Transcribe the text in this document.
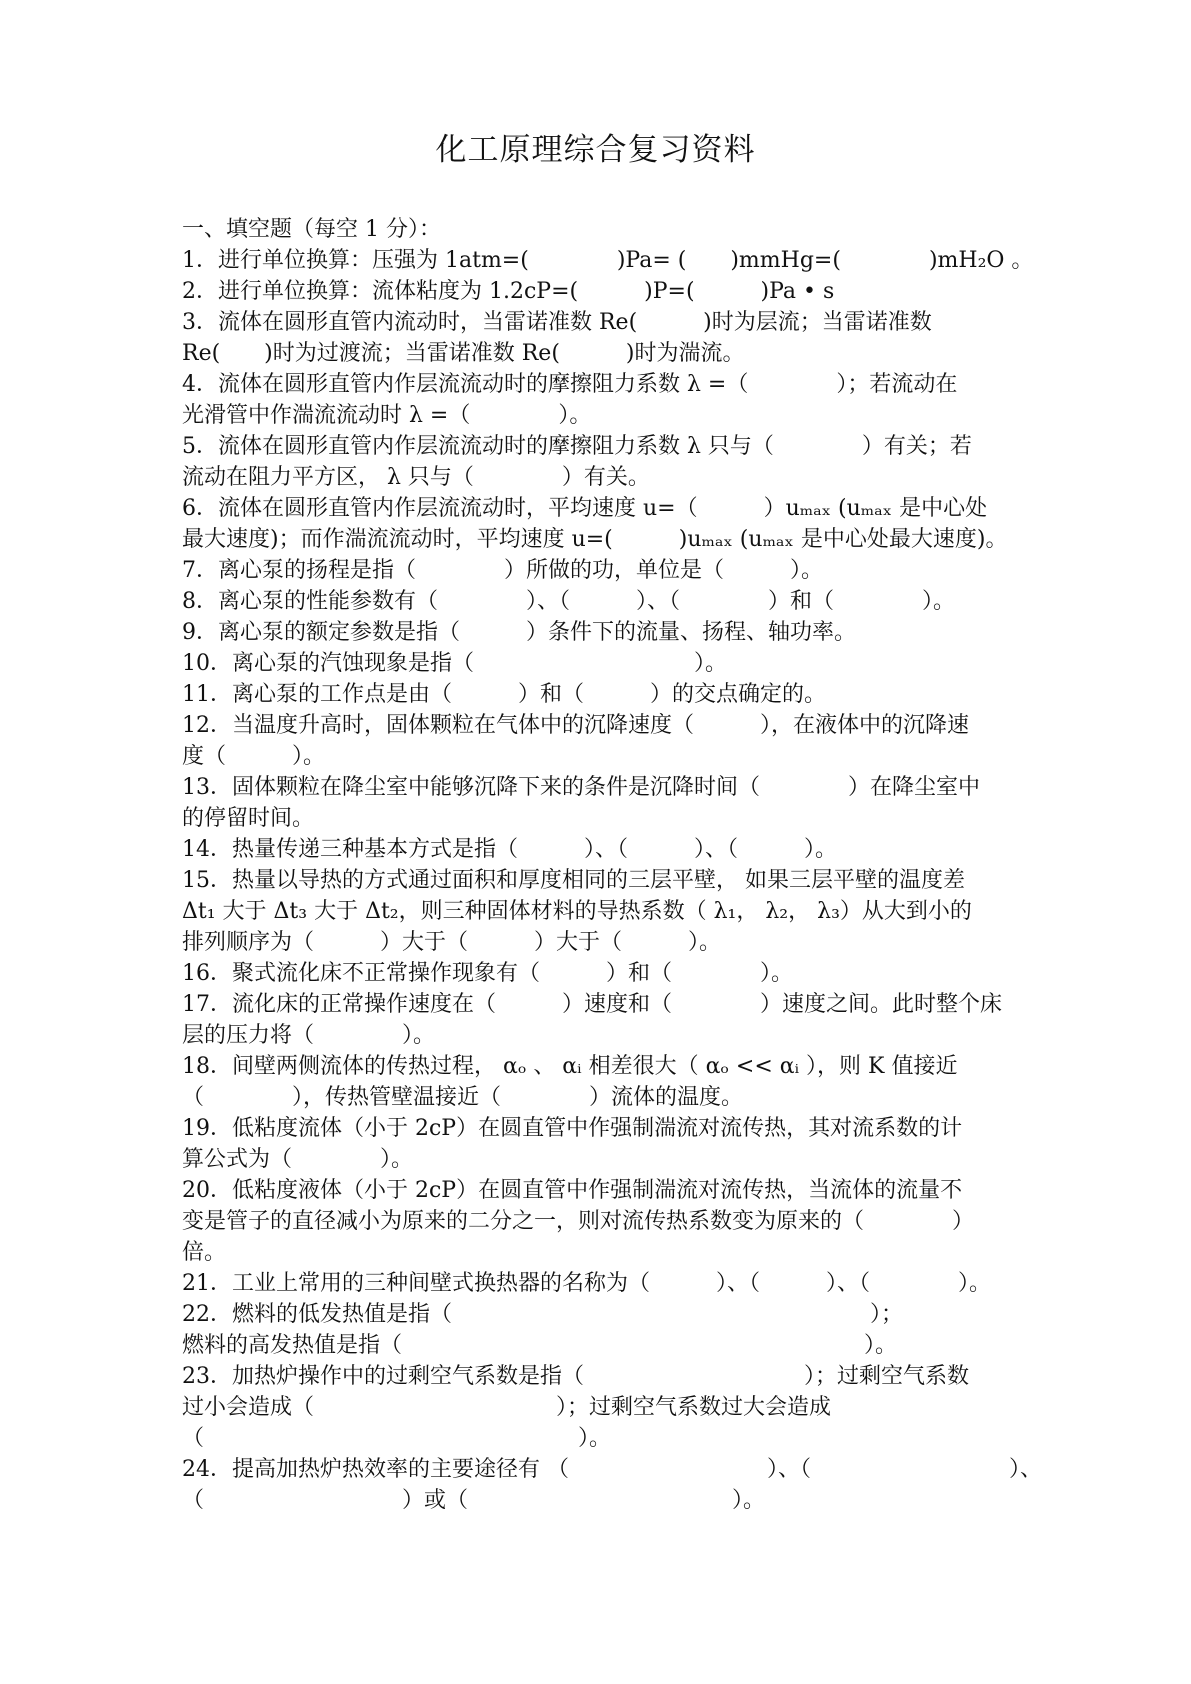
化工原理综合复习资料
一、填空题（每空 1 分）：
1．进行单位换算：压强为 1atm=(　　　　)Pa= (　　)mmHg=(　　　　)mH₂O 。
2．进行单位换算：流体粘度为 1.2cP=(　　　)P=(　　　)Pa • s
3．流体在圆形直管内流动时，当雷诺准数 Re(　　　)时为层流；当雷诺准数
Re(　　)时为过渡流；当雷诺准数 Re(　　　)时为湍流。
4．流体在圆形直管内作层流流动时的摩擦阻力系数 λ =（　　　　）；若流动在
光滑管中作湍流流动时 λ =（　　　　）。
5．流体在圆形直管内作层流流动时的摩擦阻力系数 λ 只与（　　　　）有关；若
流动在阻力平方区， λ 只与（　　　　）有关。
6．流体在圆形直管内作层流流动时，平均速度 u=（　　　）uₘₐₓ (uₘₐₓ 是中心处
最大速度)；而作湍流流动时，平均速度 u=(　　　)uₘₐₓ (uₘₐₓ 是中心处最大速度)。
7．离心泵的扬程是指（　　　　）所做的功，单位是（　　　）。
8．离心泵的性能参数有（　　　　）、（　　　）、（　　　　）和（　　　　）。
9．离心泵的额定参数是指（　　　）条件下的流量、扬程、轴功率。
10．离心泵的汽蚀现象是指（　　　　　　　　　　）。
11．离心泵的工作点是由（　　　）和（　　　）的交点确定的。
12．当温度升高时，固体颗粒在气体中的沉降速度（　　　），在液体中的沉降速
度（　　　）。
13．固体颗粒在降尘室中能够沉降下来的条件是沉降时间（　　　　）在降尘室中
的停留时间。
14．热量传递三种基本方式是指（　　　）、（　　　）、（　　　）。
15．热量以导热的方式通过面积和厚度相同的三层平壁， 如果三层平壁的温度差
Δt₁ 大于 Δt₃ 大于 Δt₂，则三种固体材料的导热系数（ λ₁， λ₂， λ₃）从大到小的
排列顺序为（　　　）大于（　　　）大于（　　　）。
16．聚式流化床不正常操作现象有（　　　）和（　　　　）。
17．流化床的正常操作速度在（　　　）速度和（　　　　）速度之间。此时整个床
层的压力将（　　　　）。
18．间壁两侧流体的传热过程， αₒ 、 αᵢ 相差很大（ αₒ << αᵢ ），则 K 值接近
（　　　　），传热管壁温接近（　　　　）流体的温度。
19．低粘度流体（小于 2cP）在圆直管中作强制湍流对流传热，其对流系数的计
算公式为（　　　　）。
20．低粘度液体（小于 2cP）在圆直管中作强制湍流对流传热，当流体的流量不
变是管子的直径减小为原来的二分之一，则对流传热系数变为原来的（　　　　）
倍。
21．工业上常用的三种间壁式换热器的名称为（　　　）、（　　　）、（　　　　）。
22．燃料的低发热值是指（　　　　　　　　　　　　　　　　　　　）；
燃料的高发热值是指（　　　　　　　　　　　　　　　　　　　　　）。
23．加热炉操作中的过剩空气系数是指（　　　　　　　　　　）；过剩空气系数
过小会造成（　　　　　　　　　　　）；过剩空气系数过大会造成
（　　　　　　　　　　　　　　　　　）。
24．提高加热炉热效率的主要途径有 （　　　　　　　　　）、（　　　　　　　　　）、
（　　　　　　　　　）或（　　　　　　　　　　　　）。
